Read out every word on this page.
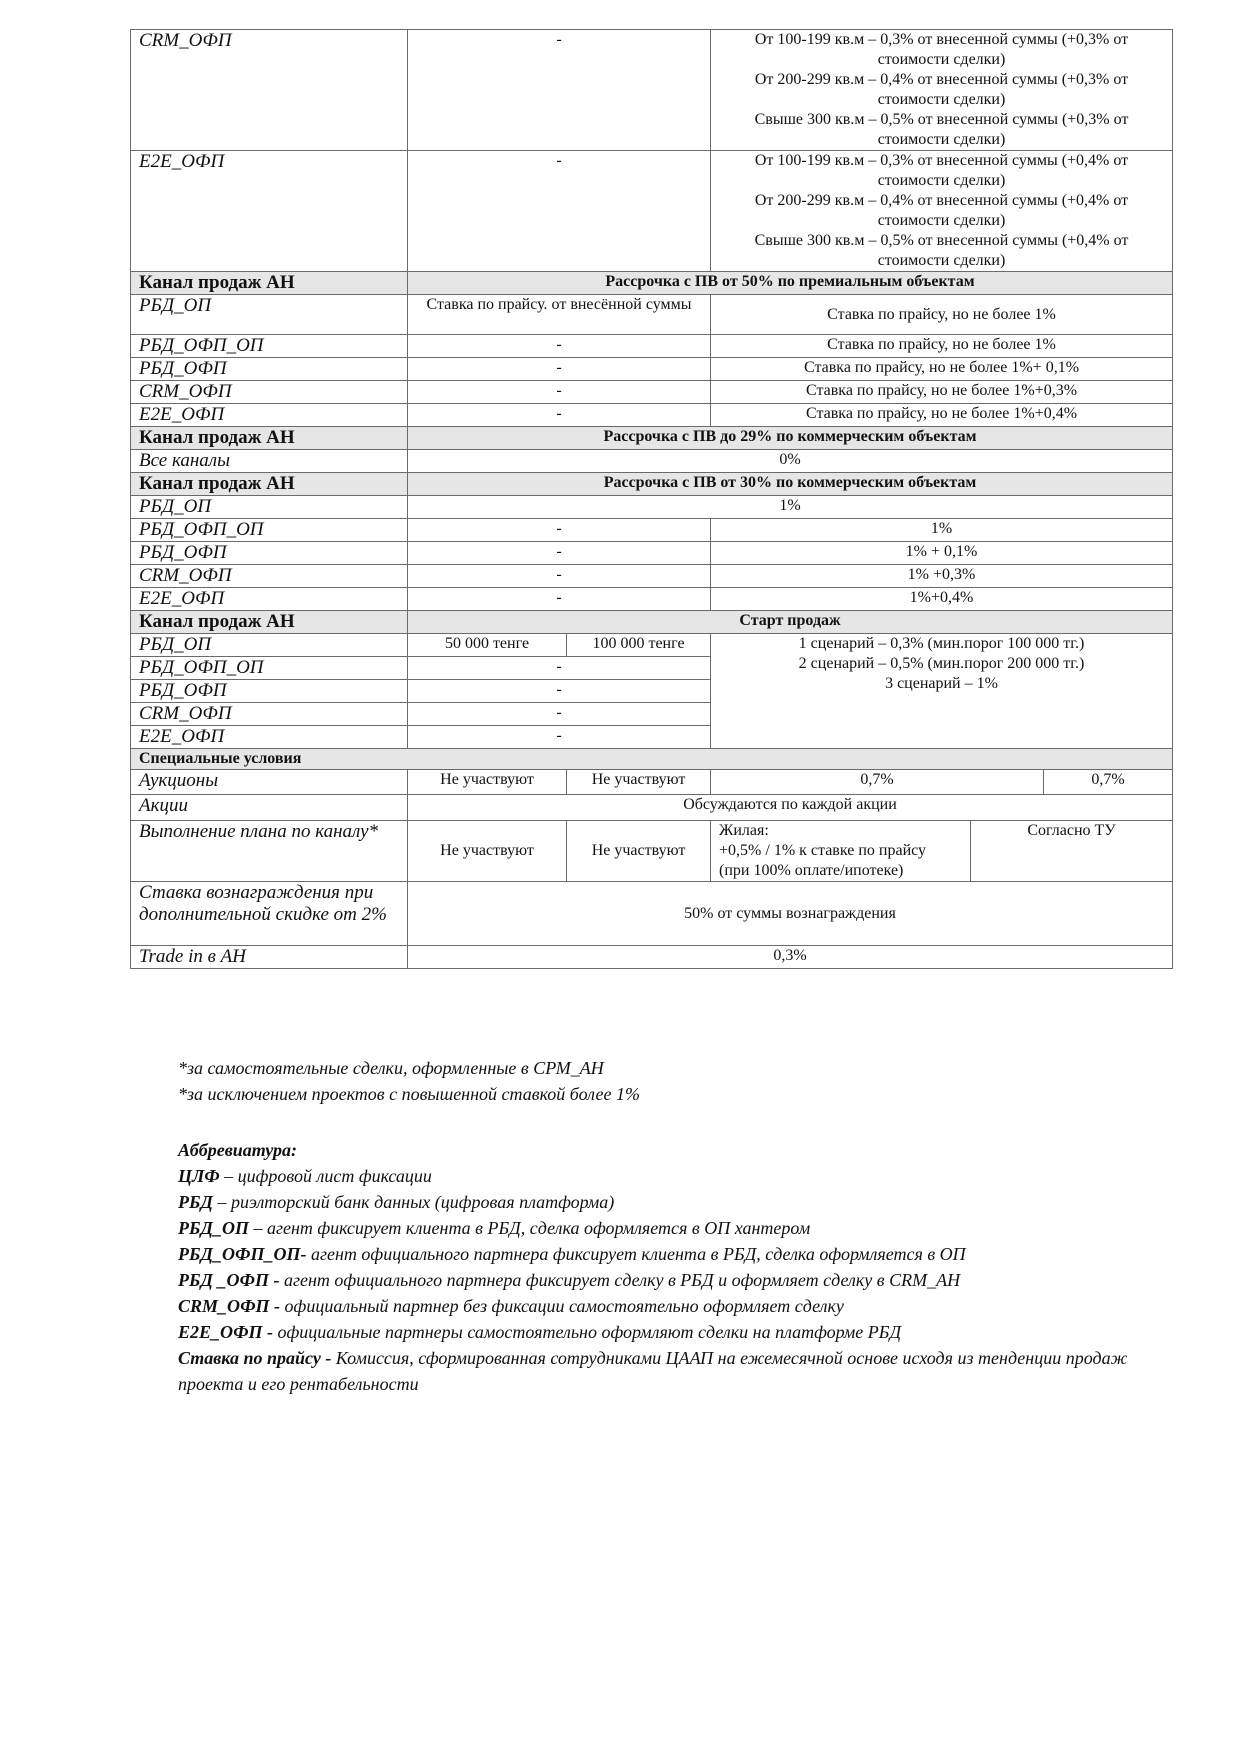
CRM_ОФП	-		От 100-199 кв.м – 0,3% от внесенной суммы (+0,3% от стоимости сделки)
От 200-299 кв.м – 0,4% от внесенной суммы (+0,3% от стоимости сделки)
Свыше 300 кв.м – 0,5% от внесенной суммы (+0,3% от стоимости сделки)		

E2E_ОФП	-		От 100-199 кв.м – 0,3% от внесенной суммы (+0,4% от стоимости сделки)
От 200-299 кв.м – 0,4% от внесенной суммы (+0,4% от стоимости сделки)
Свыше 300 кв.м – 0,5% от внесенной суммы (+0,4% от стоимости сделки)		

Канал продаж АН	Рассрочка с ПВ от 50% по премиальным объектам				
РБД_ОП	Ставка по прайсу. от внесённой суммы		Ставка по прайсу, но не более 1%		
РБД_ОФП_ОП	-		Ставка по прайсу, но не более 1%		
РБД_ОФП	-		Ставка по прайсу, но не более 1%+ 0,1%		
CRM_ОФП	-		Ставка по прайсу, но не более 1%+0,3%		
E2E_ОФП	-		Ставка по прайсу, но не более 1%+0,4%		
Канал продаж АН	Рассрочка с ПВ до 29% по коммерческим объектам				
Все каналы	0%				
Канал продаж АН	Рассрочка с ПВ от 30% по коммерческим объектам				
РБД_ОП	1%				
РБД_ОФП_ОП	-		1%		
РБД_ОФП	-		1% + 0,1%		
CRM_ОФП	-		1% +0,3%		
E2E_ОФП	-		1%+0,4%		
Канал продаж АН	Старт продаж				
РБД_ОП	50 000 тенге	100 000 тенге	1 сценарий – 0,3% (мин.порог 100 000 тг.)
2 сценарий – 0,5% (мин.порог 200 000 тг.)
3 сценарий – 1%		

РБД_ОФП_ОП	-				
РБД_ОФП	-				
CRM_ОФП	-				
E2E_ОФП	-				
Специальные условия					
Аукционы	Не участвуют	Не участвуют	0,7%		0,7%
Акции	Обсуждаются по каждой акции				
Выполнение плана по каналу*	Не участвуют	Не участвуют	Жилая:
+0,5% / 1% к ставке по прайсу
(при 100% оплате/ипотеке)	Согласно ТУ	
Ставка вознаграждения при дополнительной скидке от 2%	50% от суммы вознаграждения				
Trade in в АН	0,3%				
*за самостоятельные сделки, оформленные в СРМ_АН
*за исключением проектов с повышенной ставкой более 1%
Аббревиатура:
ЦЛФ – цифровой лист фиксации
РБД – риэлторский банк данных (цифровая платформа)
РБД_ОП – агент фиксирует клиента в РБД, сделка оформляется в ОП хантером
РБД_ОФП_ОП- агент официального партнера фиксирует клиента в РБД, сделка оформляется в ОП
РБД _ОФП - агент официального партнера фиксирует сделку в РБД и оформляет сделку в CRM_АН
CRM_ОФП - официальный партнер без фиксации самостоятельно оформляет сделку
E2E_ОФП - официальные партнеры самостоятельно оформляют сделки на платформе РБД
Ставка по прайсу - Комиссия, сформированная сотрудниками ЦААП на ежемесячной основе исходя из тенденции продаж проекта и его рентабельности
